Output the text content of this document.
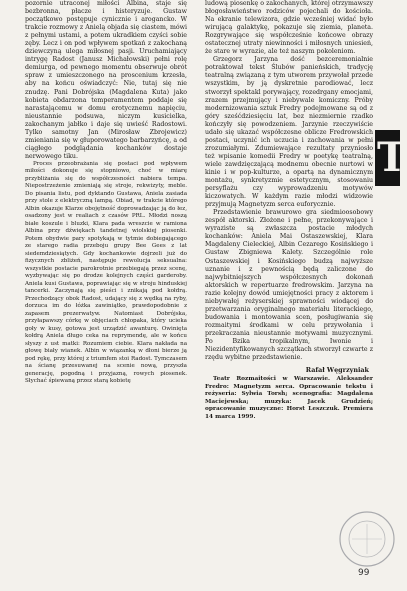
pozornie utraconej miłości Albina, staje się bezbronna, płacze i histeryzuje. Gustaw początkowo postępuje cynicznie i aroganckо. W trakcie rozmowy z Anielą objada się ciastem, mówi z pełnymi ustami, a potem ukradkiem czyści sobie zęby. Lecz i on pod wpływem spotkań z zakochaną dziewczyną ulega miłosnej pasji. Uruchamiający intrygę Radost (Janusz Michałowski) pełni rolę demiurga, od pewnego momentu obserwuje obrót spraw z umieszczonego na proscenium krzesła, aby na końcu oświadczyć: Nie, tutaj się nie znudzę. Pani Dobrójska (Magdalena Kuta) jako kobieta obdarzona temperamentem poddaje się narastającemu w domu erotycznemu napięciu, nieustannie podsuwa, niczym kusicielka, zakochanym jabłko i daje się uwieść Radostowi. Tylko samotny Jan (Mirosław Zbrojewicz) zmieniania się w głuporowatego barbarzyńcę, a od ciągłego podglądania kochanków dostaje nerwowego tiku.

Proces przeobrażania się postaci pod wpływem miłości dokonuje się stopniowo, choć w miarę przybliżania się do współczesności nabiera tempa. Niepostrzeżenie zmieniają się stroje, rekwizyty, meble. Do pisania listu, pod dyktando Gustawa, Aniela zasiada przy stole z elektryczną lampą. Obiad, w trakcie którego Albin okazuje Klarze obojętność doprowadzając ją do łez, osadzony jest w realiach z czasów PRL. Młodzi noszą białe koszule i bluzki, Klara pada wreszcie w ramiona Albina przy dźwiękach tandetnej wiolskiej piosenki. Potem obydwie pary spotykają w tytmie dobiegającego ze starego radia przeboju grupy Bee Gees z lat siedemdziesiątych. Gdy kochankowie dojrzeli już do fizycznych zbliżeń, następuje rewolucja seksualna: wszystkie postacie parokrotnie przebiegają przez scenę, wyzbywając się po drodze kolejnych części garderoby. Aniela kusi Gustawa, poprawiając się w stroju hinduskiej tancerki. Zaczynają się pieści i znikają pod kołdrą. Przechodzący obok Radost, udający się z wędką na ryby, dorzuca im do łóżka zawiniątko, prawdopodobnie z zapasem prezerwatyw. Natomiast Dobrójska, przyłapawszy córkę w objęciach chłopaka, który ucieka goły w kusy, gotowa jest urządzić awanturę. Owinięta kołdrą Aniela długo ceka na reprymendę, ale w końcu słyszy z ust matki: Rozumiem ciebie. Klara nakłada na głowę biały wianek. Albin w wiązanką w dłoni bierze ją pod rękę, przy której z triumfem stoi Radost. Tymczasem na ścianę przesuwanej na scenie nową, przyszła generację, pogodną i przyjazną, rowych piosenek. Słychać śpiewaną przez starą kobietę

ludową piosenkę o zakochanych, której otrzymawszy błogosławieństwo rodziców pojechali do kościoła. Na ekranie telewizora, gdzie wcześniej widać było wirującą galaktykę, pokazuje się ziemia, planeta. Rozgrywające się współcześnie końcowe obrazy ostatecznej utraty niewinności i miłosnych uniesień, że stare w wyrazie, ale też naszym pokoleniom.

Grzegorz Jarzyna dość bezceremonialnie potraktował tekst Ślubów panieńskich, tradycję teatralną związaną z tym utworem przywołał przede wszystkim, by ją dyskretnie parodiować, lecz stworzył spektakl porywający, rozedrgany emocjami, zrazem przejmujący i niebywale komiczny. Próby modernizowania sztuk Fredry podejmowane są od z góry sześćdziesięciu lat, bez niezmiernie rzadko kończyły się powodzeniem. Jarzynie rzeczywiście udało się ukazać współczesne oblicze Fredrowskich postaci, uczynić ich uczucia i zachowania w pełni zrozumiałymi. Zdumiewające rezultaty przyniosło też wpisanie komedii Fredry w poetykę teatralną, wiele zawdzięczającą modnemu obecnie nurtowi w kinie i w pop-kulturze, a opartą na dynamicznym montażu, synkretyzmie estetycznym, stosowaniu persyflażu czy wyprowadzeniu motywów kiczowatych. W każdym razie młodzi widzowie przyjmują Magnetyzm serca euforycznie.

Przedstawienie brawurowo gra siedmioosobowy zespół aktorski. Złożone i pełne, przekonywające i wyraziste są zwłaszcza postacie młodych kochanków: Aniela Mai Ostaszewskiej, Klara Magdaleny Cieleckiej, Albin Cezarego Kosińskiego i Gustaw Zbigniewa Kalety. Szczególnie role Ostaszewskiej i Kosińskiego budzą najwyższe uznanie i z pewnością będą zaliczone do najwybitniejszych współczesnych dokonań aktorskich w repertuarze fredrowskim. Jarzyna na razie kolejny dowód umiejętności pracy z aktorem i niebywałej reżyserskiej sprawności wiodącej do przetwarzania oryginalnego materiału literackiego, budowania i montowania scen, posługiwania się rozmaitymi środkami w celu przywołania i przekraczania nieustannie motywami muzycznymi. Po Bzika tropikalnym, Iwonie i Niezidentyfikowanych szczątkach stworzył czwarte z rzędu wybitne przedstawienie.

Rafał Węgrzyniak

Teatr Rozmaitości w Warszawie. Aleksander Fredro: Magnetyzm serca. Opracowanie tekstu i reżyseria: Sylwia Torsh; scenografia: Magdalena Maciejewska; muzyka: Jacek Grudzień; opracowanie muzyczne: Horst Leszczuk. Premiera 14 marca 1999.

T
99
